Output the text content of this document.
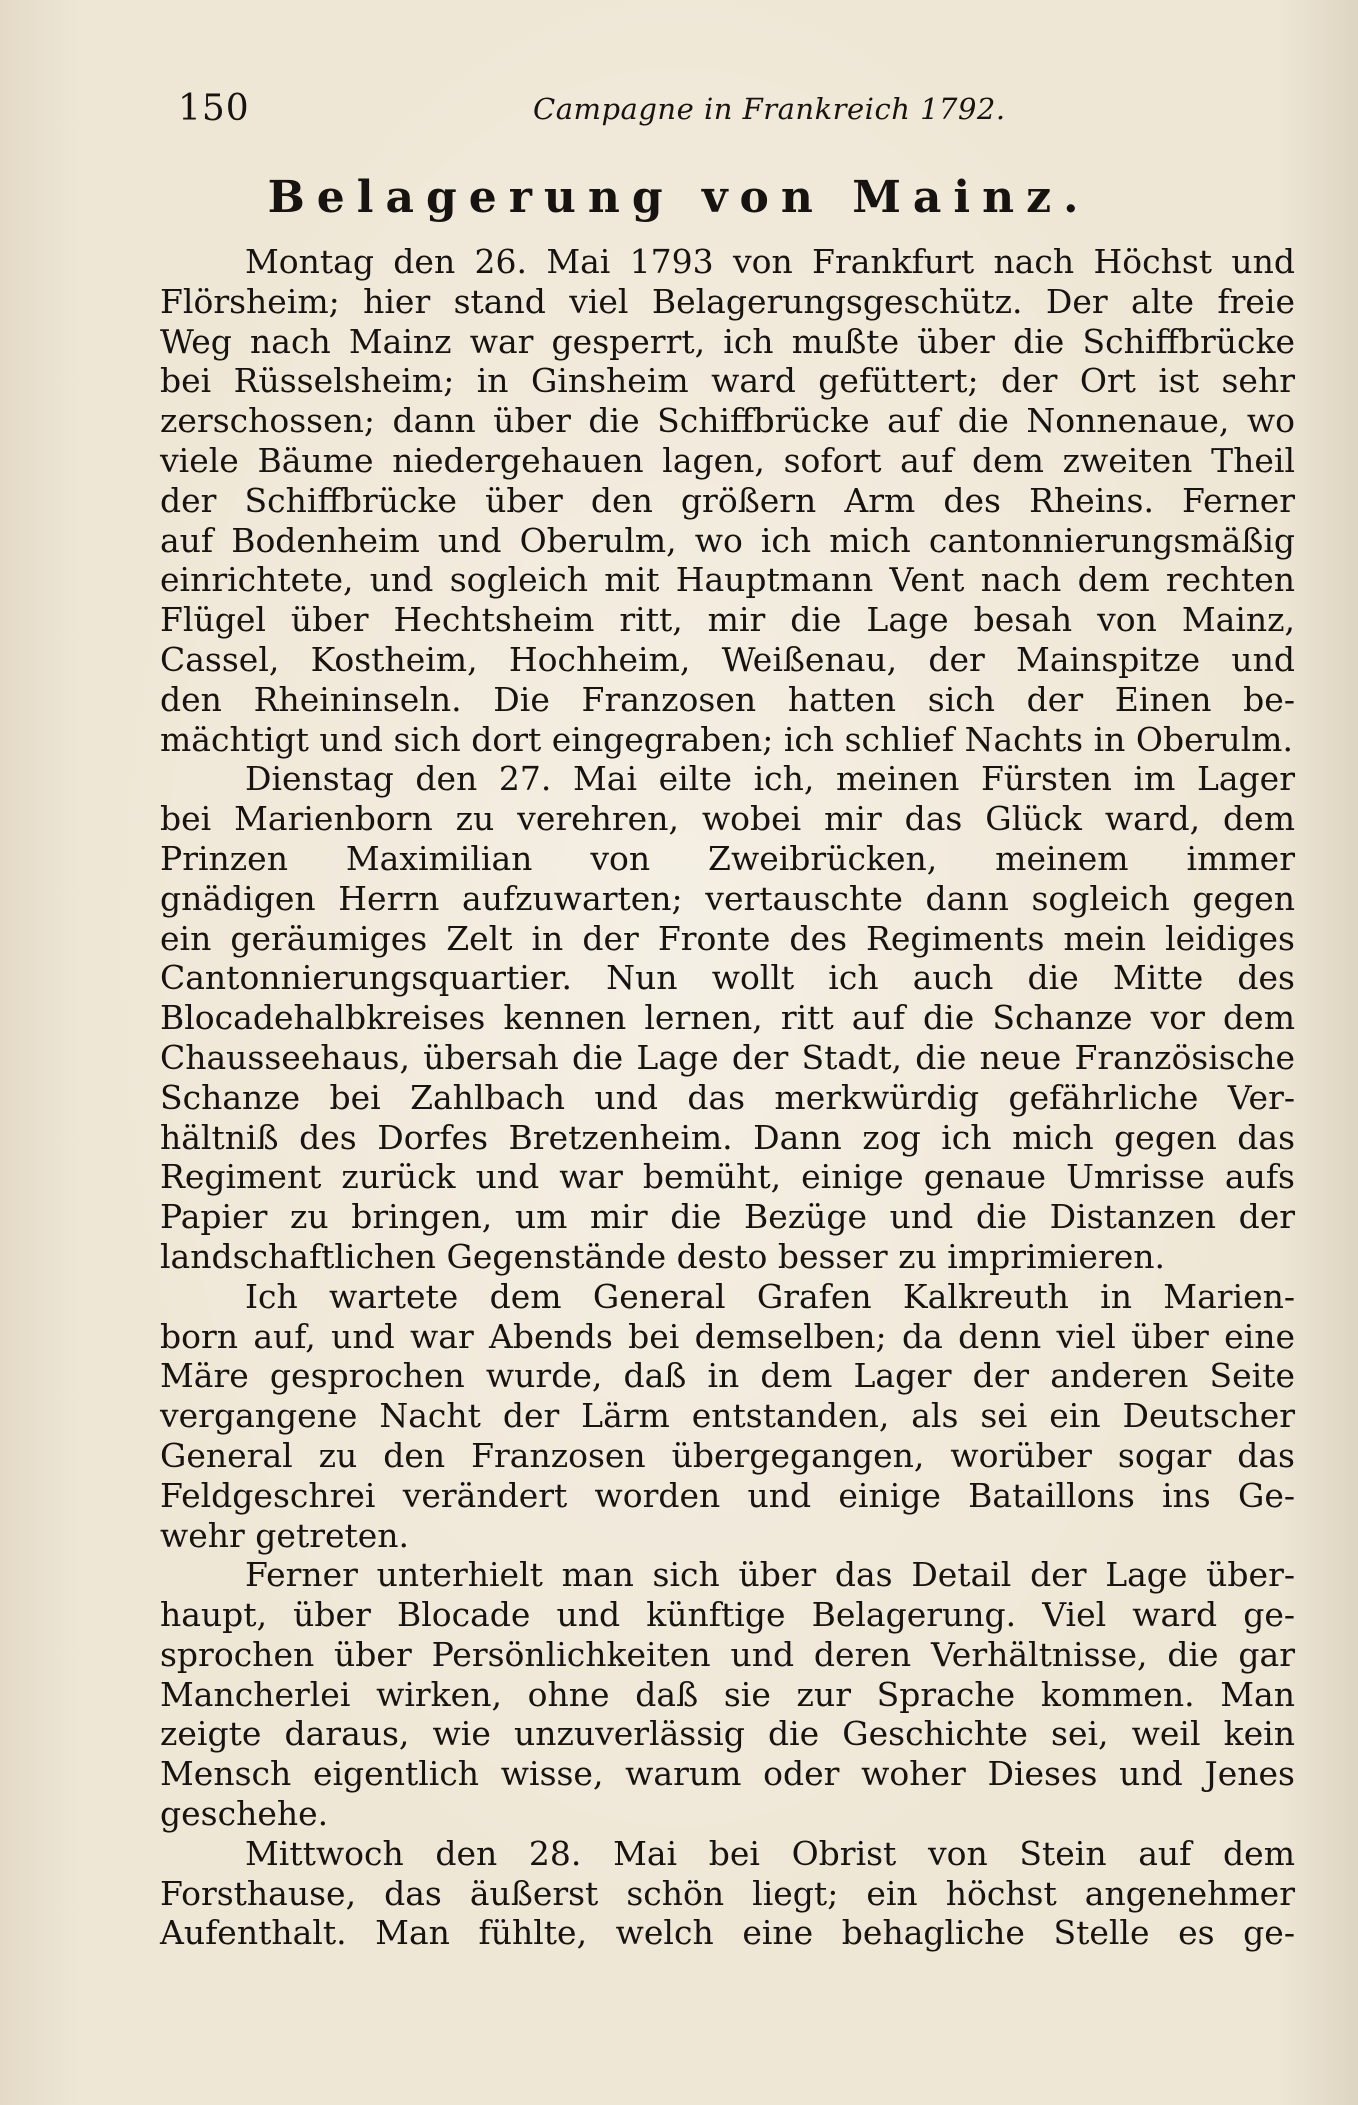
150	Campagne in Frankreich 1792.
Belagerung von Mainz.
Montag den 26. Mai 1793 von Frankfurt nach Höchst und
Flörsheim; hier stand viel Belagerungsgeschütz. Der alte freie
Weg nach Mainz war gesperrt, ich mußte über die Schiffbrücke
bei Rüsselsheim; in Ginsheim ward gefüttert; der Ort ist sehr
zerschossen; dann über die Schiffbrücke auf die Nonnenaue, wo
viele Bäume niedergehauen lagen, sofort auf dem zweiten Theil
der Schiffbrücke über den größern Arm des Rheins. Ferner
auf Bodenheim und Oberulm, wo ich mich cantonnierungsmäßig
einrichtete, und sogleich mit Hauptmann Vent nach dem rechten
Flügel über Hechtsheim ritt, mir die Lage besah von Mainz,
Cassel, Kostheim, Hochheim, Weißenau, der Mainspitze und
den Rheininseln. Die Franzosen hatten sich der Einen be-
mächtigt und sich dort eingegraben; ich schlief Nachts in Oberulm.
Dienstag den 27. Mai eilte ich, meinen Fürsten im Lager
bei Marienborn zu verehren, wobei mir das Glück ward, dem
Prinzen Maximilian von Zweibrücken, meinem immer
gnädigen Herrn aufzuwarten; vertauschte dann sogleich gegen
ein geräumiges Zelt in der Fronte des Regiments mein leidiges
Cantonnierungsquartier. Nun wollt ich auch die Mitte des
Blocadehalbkreises kennen lernen, ritt auf die Schanze vor dem
Chausseehaus, übersah die Lage der Stadt, die neue Französische
Schanze bei Zahlbach und das merkwürdig gefährliche Ver-
hältniß des Dorfes Bretzenheim. Dann zog ich mich gegen das
Regiment zurück und war bemüht, einige genaue Umrisse aufs
Papier zu bringen, um mir die Bezüge und die Distanzen der
landschaftlichen Gegenstände desto besser zu imprimieren.
Ich wartete dem General Grafen Kalkreuth in Marien-
born auf, und war Abends bei demselben; da denn viel über eine
Märe gesprochen wurde, daß in dem Lager der anderen Seite
vergangene Nacht der Lärm entstanden, als sei ein Deutscher
General zu den Franzosen übergegangen, worüber sogar das
Feldgeschrei verändert worden und einige Bataillons ins Ge-
wehr getreten.
Ferner unterhielt man sich über das Detail der Lage über-
haupt, über Blocade und künftige Belagerung. Viel ward ge-
sprochen über Persönlichkeiten und deren Verhältnisse, die gar
Mancherlei wirken, ohne daß sie zur Sprache kommen. Man
zeigte daraus, wie unzuverlässig die Geschichte sei, weil kein
Mensch eigentlich wisse, warum oder woher Dieses und Jenes
geschehe.
Mittwoch den 28. Mai bei Obrist von Stein auf dem
Forsthause, das äußerst schön liegt; ein höchst angenehmer
Aufenthalt. Man fühlte, welch eine behagliche Stelle es ge-
